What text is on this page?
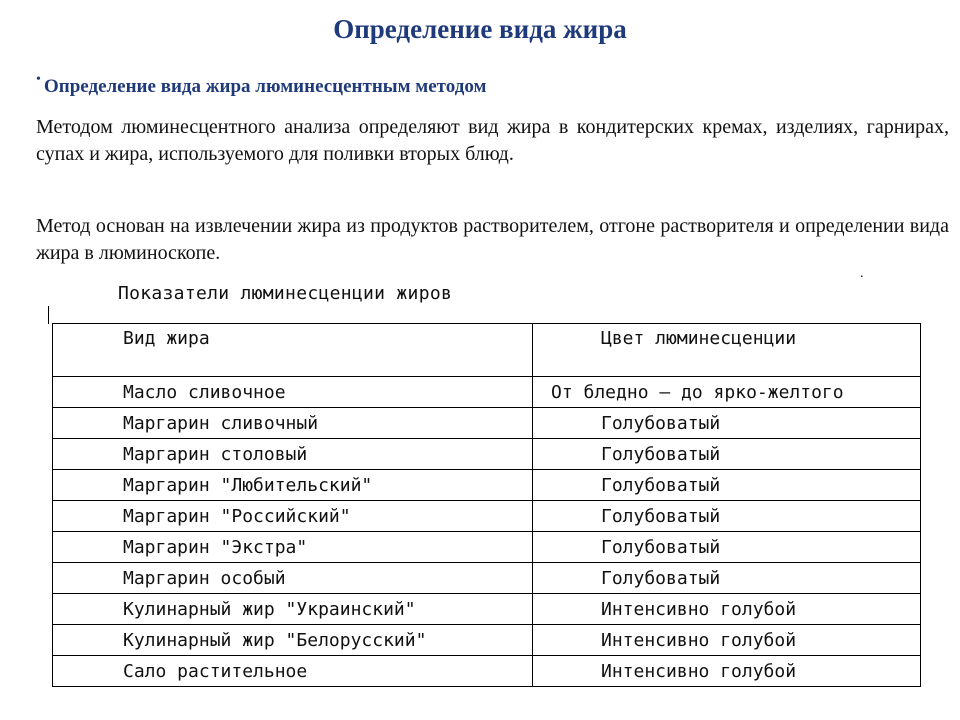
Определение вида жира
• Определение вида жира люминесцентным методом
Методом люминесцентного анализа определяют вид жира в кондитерских кремах, изделиях, гарнирах, супах и жира, используемого для поливки вторых блюд.
Метод основан на извлечении жира из продуктов растворителем, отгоне растворителя и определении вида жира в люминоскопе.
.
Показатели люминесценции жиров
Вид жира	Цвет люминесценции
Масло сливочное	От бледно – до ярко-желтого
Маргарин сливочный	Голубоватый
Маргарин столовый	Голубоватый
Маргарин "Любительский"	Голубоватый
Маргарин "Российский"	Голубоватый
Маргарин "Экстра"	Голубоватый
Маргарин особый	Голубоватый
Кулинарный жир "Украинский"	Интенсивно голубой
Кулинарный жир "Белорусский"	Интенсивно голубой
Сало растительное	Интенсивно голубой
